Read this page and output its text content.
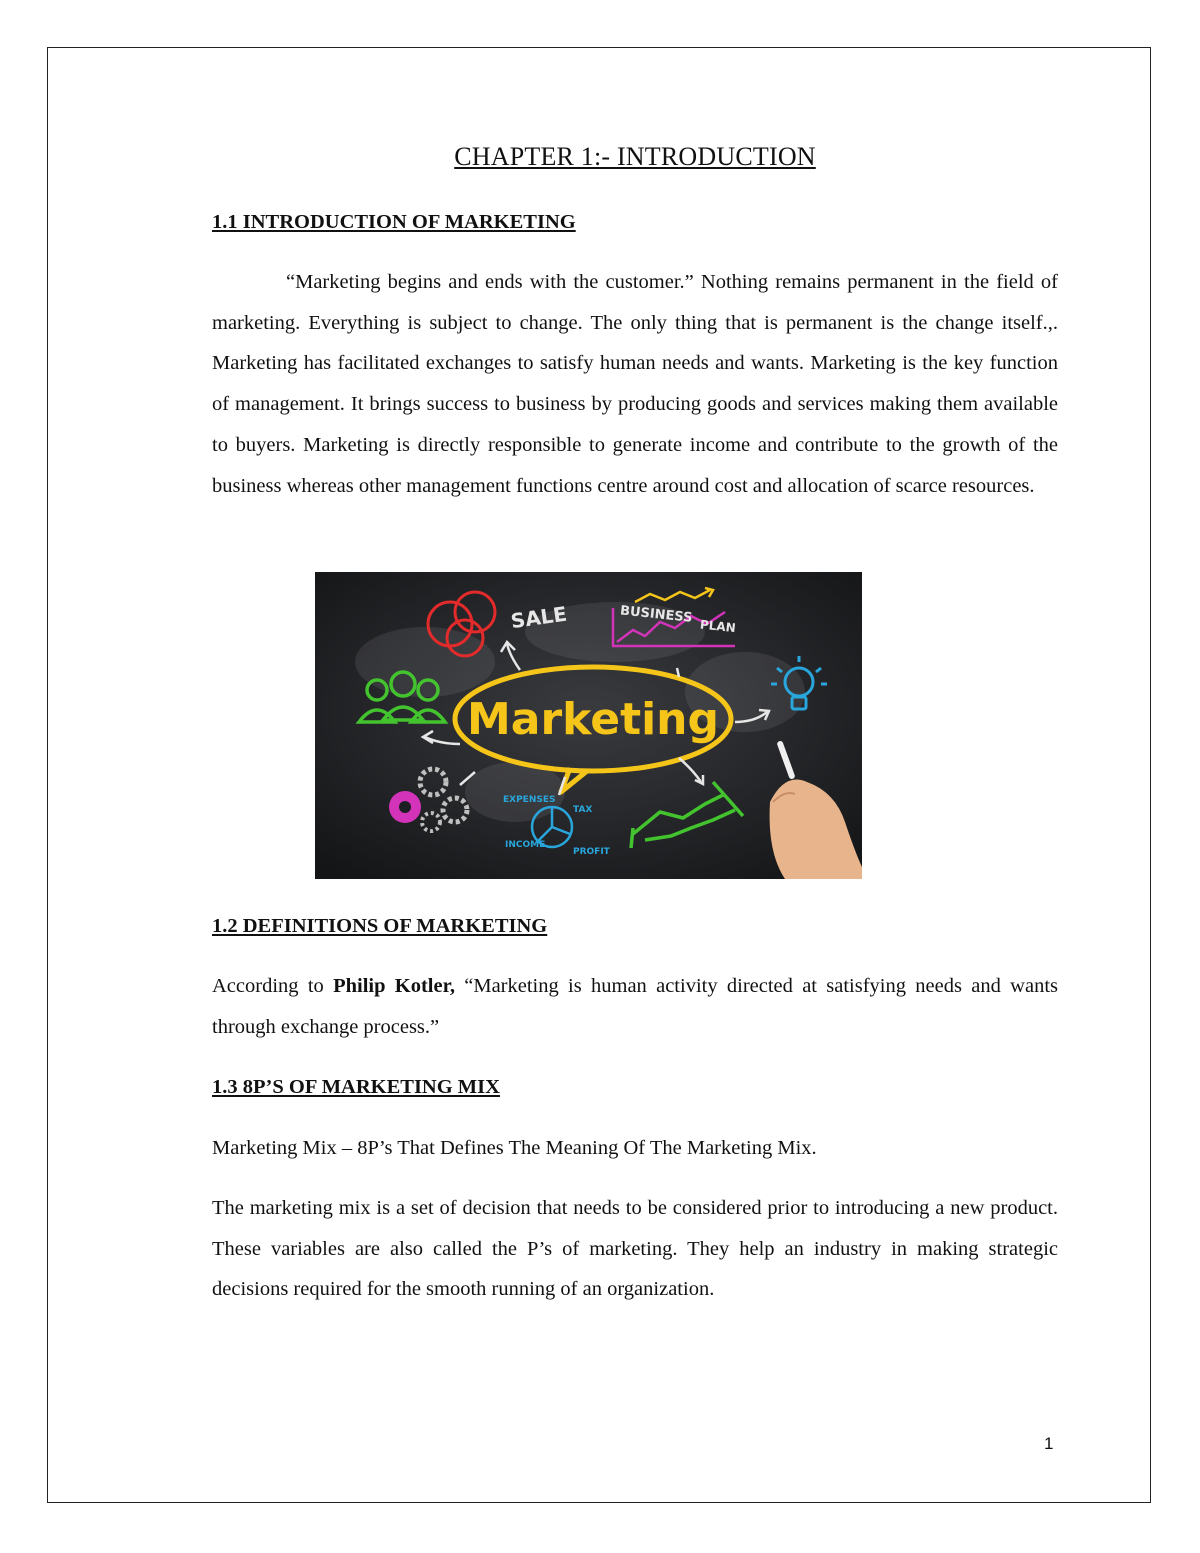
CHAPTER 1:- INTRODUCTION
1.1 INTRODUCTION OF MARKETING

“Marketing begins and ends with the customer.” Nothing remains permanent in the field of marketing. Everything is subject to change. The only thing that is permanent is the change itself.,. Marketing has facilitated exchanges to satisfy human needs and wants. Marketing is the key function of management. It brings success to business by producing goods and services making them available to buyers. Marketing is directly responsible to generate income and contribute to the growth of the business whereas other management functions centre around cost and allocation of scarce resources.

SALE	BUSINESS
PLAN
Marketing
EXPENSES
TAX
INCOME
PROFIT
1.2 DEFINITIONS OF MARKETING

According to Philip Kotler, “Marketing is human activity directed at satisfying needs and wants through exchange process.”

1.3 8P’S OF MARKETING MIX

Marketing Mix – 8P’s That Defines The Meaning Of The Marketing Mix.

The marketing mix is a set of decision that needs to be considered prior to introducing a new product. These variables are also called the P’s of marketing. They help an industry in making strategic decisions required for the smooth running of an organization.

1
